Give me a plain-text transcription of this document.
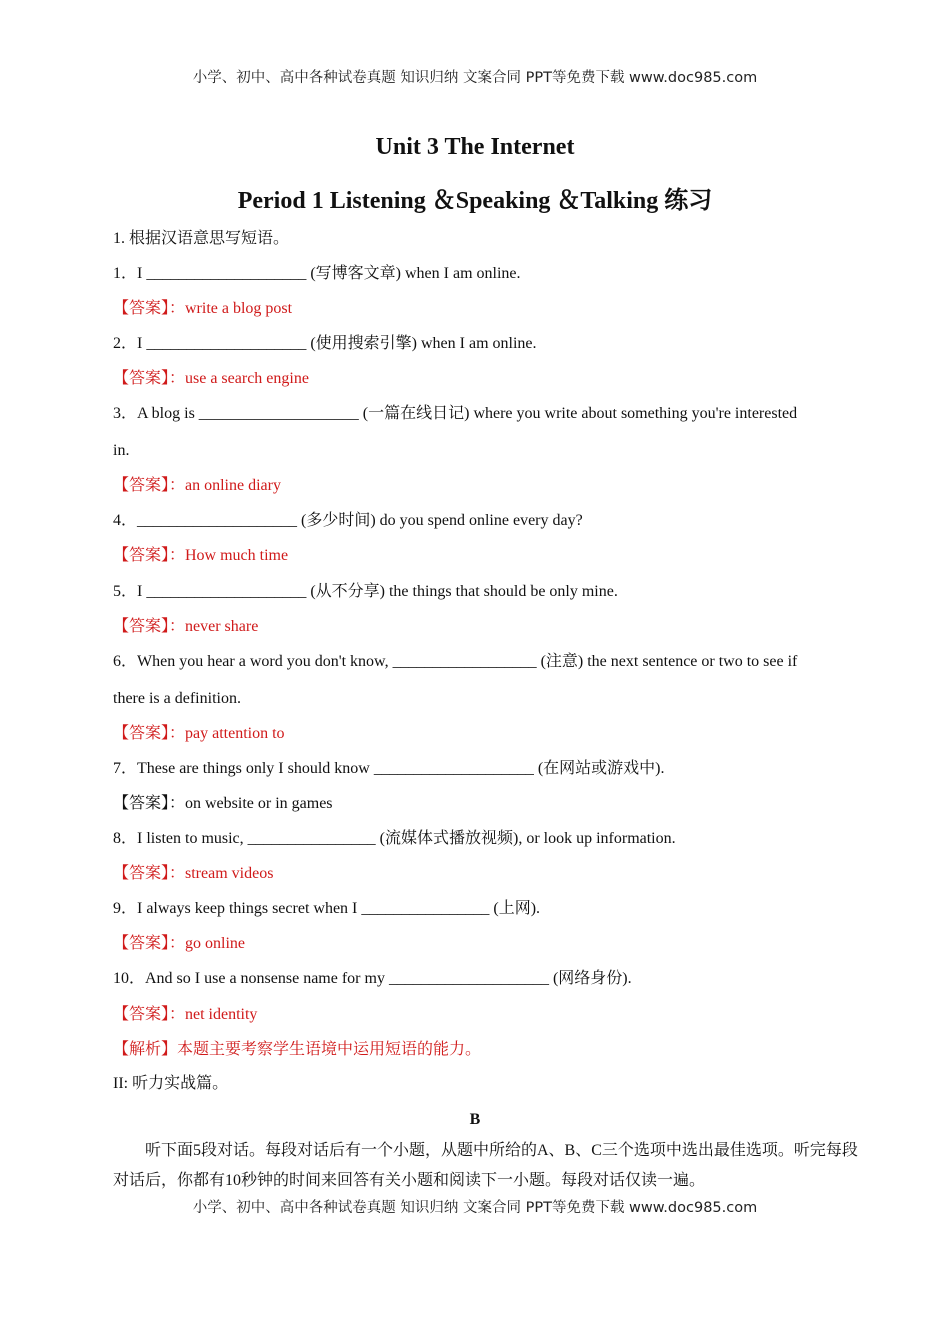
小学、初中、高中各种试卷真题 知识归纳 文案合同 PPT等免费下载 www.doc985.com
Unit 3 The Internet
Period 1 Listening ＆Speaking ＆Talking 练习
1. 根据汉语意思写短语。
1．I ____________________ (写博客文章) when I am online.
【答案】：write a blog post
2．I ____________________ (使用搜索引擎) when I am online.
【答案】：use a search engine
3．A blog is ____________________ (一篇在线日记) where you write about something you're interested
in.
【答案】：an online diary
4．____________________ (多少时间) do you spend online every day?
【答案】：How much time
5．I ____________________ (从不分享) the things that should be only mine.
【答案】：never share
6．When you hear a word you don't know, __________________ (注意) the next sentence or two to see if
there is a definition.
【答案】：pay attention to
7．These are things only I should know ____________________ (在网站或游戏中).
【答案】：on website or in games
8．I listen to music, ________________ (流媒体式播放视频), or look up information.
【答案】：stream videos
9．I always keep things secret when I ________________ (上网).
【答案】：go online
10．And so I use a nonsense name for my ____________________ (网络身份).
【答案】：net identity
【解析】本题主要考察学生语境中运用短语的能力。
II: 听力实战篇。
B
听下面5段对话。每段对话后有一个小题，从题中所给的A、B、C三个选项中选出最佳选项。听完每段对话后，你都有10秒钟的时间来回答有关小题和阅读下一小题。每段对话仅读一遍。
小学、初中、高中各种试卷真题 知识归纳 文案合同 PPT等免费下载 www.doc985.com
